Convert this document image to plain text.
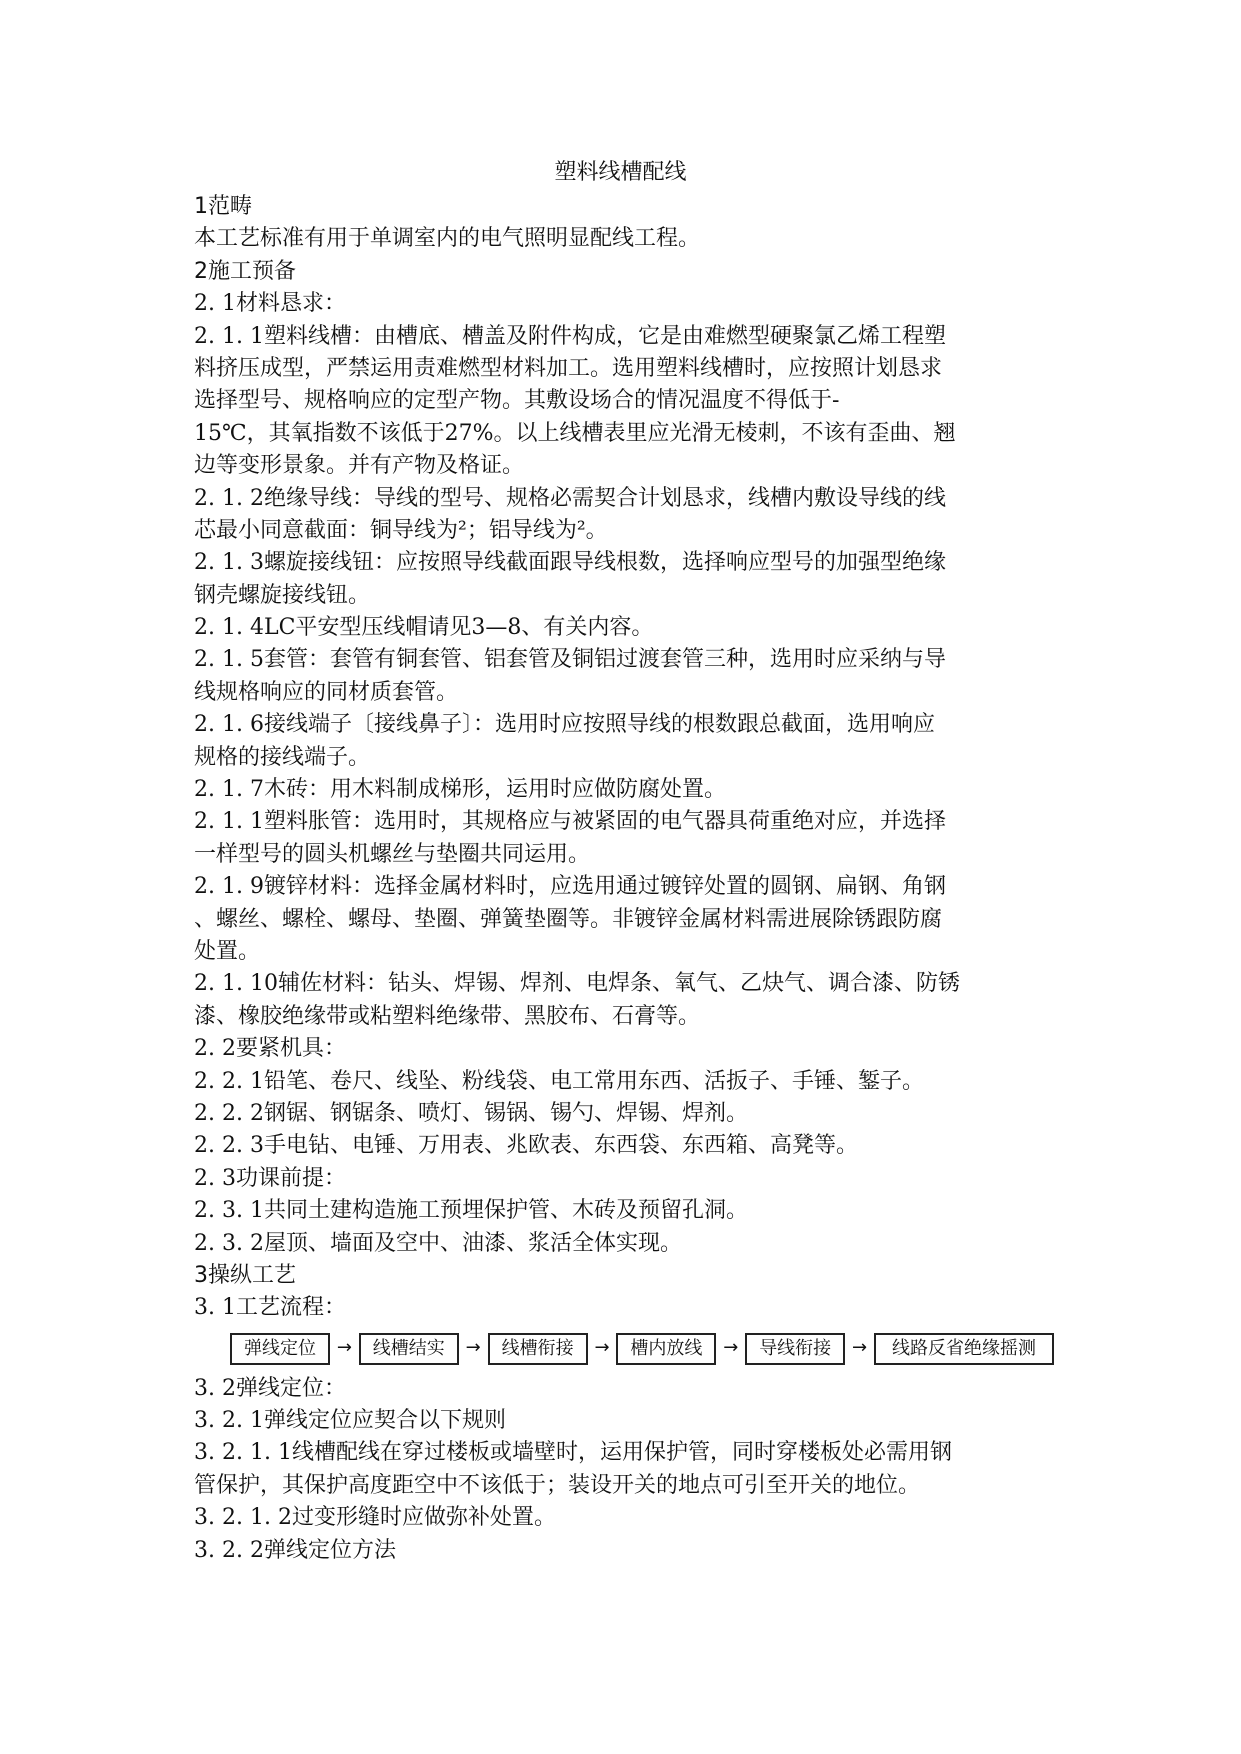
塑料线槽配线
1范畴
本工艺标准有用于单调室内的电气照明显配线工程。
2施工预备
2. 1材料恳求：
2. 1. 1塑料线槽：由槽底、槽盖及附件构成，它是由难燃型硬聚氯乙烯工程塑
料挤压成型，严禁运用责难燃型材料加工。选用塑料线槽时，应按照计划恳求
选择型号、规格响应的定型产物。其敷设场合的情况温度不得低于-
15℃，其氧指数不该低于27%。以上线槽表里应光滑无棱刺，不该有歪曲、翘
边等变形景象。并有产物及格证。
2. 1. 2绝缘导线：导线的型号、规格必需契合计划恳求，线槽内敷设导线的线
芯最小同意截面：铜导线为²；铝导线为²。
2. 1. 3螺旋接线钮：应按照导线截面跟导线根数，选择响应型号的加强型绝缘
钢壳螺旋接线钮。
2. 1. 4LC平安型压线帽请见3—8、有关内容。
2. 1. 5套管：套管有铜套管、铝套管及铜铝过渡套管三种，选用时应采纳与导
线规格响应的同材质套管。
2. 1. 6接线端子〔接线鼻子〕：选用时应按照导线的根数跟总截面，选用响应
规格的接线端子。
2. 1. 7木砖：用木料制成梯形，运用时应做防腐处置。
2. 1. 1塑料胀管：选用时，其规格应与被紧固的电气器具荷重绝对应，并选择
一样型号的圆头机螺丝与垫圈共同运用。
2. 1. 9镀锌材料：选择金属材料时，应选用通过镀锌处置的圆钢、扁钢、角钢
、螺丝、螺栓、螺母、垫圈、弹簧垫圈等。非镀锌金属材料需进展除锈跟防腐
处置。
2. 1. 10辅佐材料：钻头、焊锡、焊剂、电焊条、氧气、乙炔气、调合漆、防锈
漆、橡胶绝缘带或粘塑料绝缘带、黑胶布、石膏等。
2. 2要紧机具：
2. 2. 1铅笔、卷尺、线坠、粉线袋、电工常用东西、活扳子、手锤、錾子。
2. 2. 2钢锯、钢锯条、喷灯、锡锅、锡勺、焊锡、焊剂。
2. 2. 3手电钻、电锤、万用表、兆欧表、东西袋、东西箱、高凳等。
2. 3功课前提：
2. 3. 1共同土建构造施工预埋保护管、木砖及预留孔洞。
2. 3. 2屋顶、墙面及空中、油漆、浆活全体实现。
3操纵工艺
3. 1工艺流程：
弹线定位	→	线槽结实	→	线槽衔接	→	槽内放线	→	导线衔接	→	线路反省绝缘摇测
3. 2弹线定位：
3. 2. 1弹线定位应契合以下规则
3. 2. 1. 1线槽配线在穿过楼板或墙壁时，运用保护管，同时穿楼板处必需用钢
管保护，其保护高度距空中不该低于；装设开关的地点可引至开关的地位。
3. 2. 1. 2过变形缝时应做弥补处置。
3. 2. 2弹线定位方法
